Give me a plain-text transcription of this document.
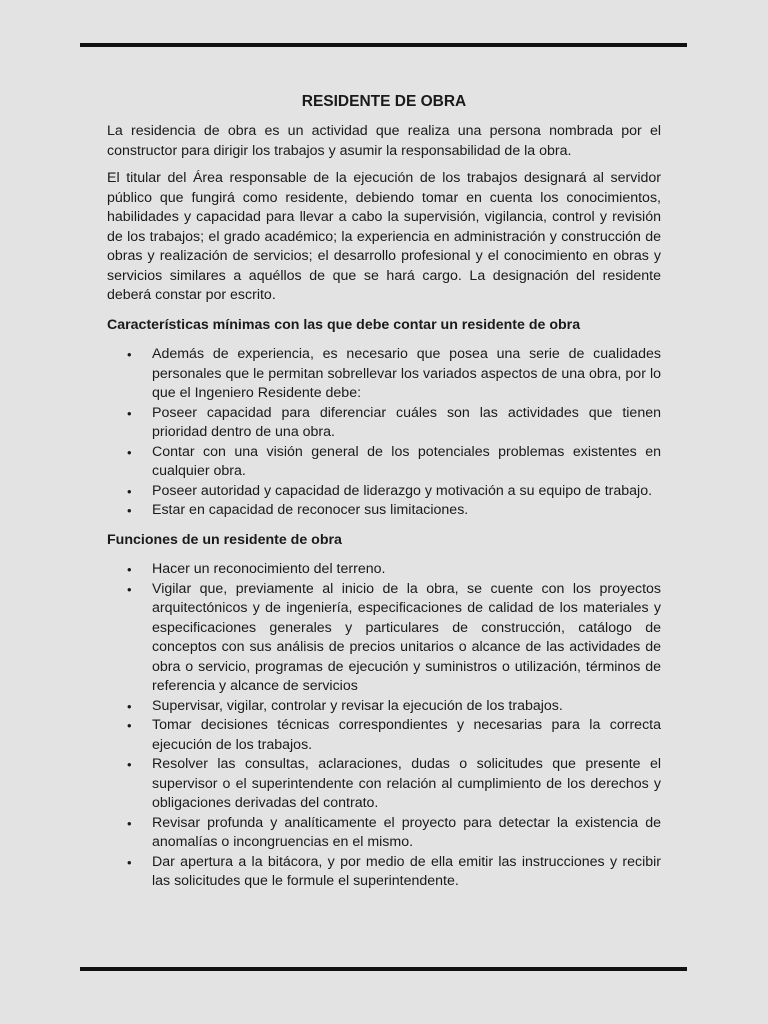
RESIDENTE DE OBRA

La residencia de obra es un actividad que realiza una persona nombrada por el constructor para dirigir los trabajos y asumir la responsabilidad de la obra.

El titular del Área responsable de la ejecución de los trabajos designará al servidor público que fungirá como residente, debiendo tomar en cuenta los conocimientos, habilidades y capacidad para llevar a cabo la supervisión, vigilancia, control y revisión de los trabajos; el grado académico; la experiencia en administración y construcción de obras y realización de servicios; el desarrollo profesional y el conocimiento en obras y servicios similares a aquéllos de que se hará cargo. La designación del residente deberá constar por escrito.

Características mínimas con las que debe contar un residente de obra
• Además de experiencia, es necesario que posea una serie de cualidades personales que le permitan sobrellevar los variados aspectos de una obra, por lo que el Ingeniero Residente debe:
• Poseer capacidad para diferenciar cuáles son las actividades que tienen prioridad dentro de una obra.
• Contar con una visión general de los potenciales problemas existentes en cualquier obra.
• Poseer autoridad y capacidad de liderazgo y motivación a su equipo de trabajo.
• Estar en capacidad de reconocer sus limitaciones.
Funciones de un residente de obra
• Hacer un reconocimiento del terreno.
• Vigilar que, previamente al inicio de la obra, se cuente con los proyectos arquitectónicos y de ingeniería, especificaciones de calidad de los materiales y especificaciones generales y particulares de construcción, catálogo de conceptos con sus análisis de precios unitarios o alcance de las actividades de obra o servicio, programas de ejecución y suministros o utilización, términos de referencia y alcance de servicios
• Supervisar, vigilar, controlar y revisar la ejecución de los trabajos.
• Tomar decisiones técnicas correspondientes y necesarias para la correcta ejecución de los trabajos.
• Resolver las consultas, aclaraciones, dudas o solicitudes que presente el supervisor o el superintendente con relación al cumplimiento de los derechos y obligaciones derivadas del contrato.
• Revisar profunda y analíticamente el proyecto para detectar la existencia de anomalías o incongruencias en el mismo.
• Dar apertura a la bitácora, y por medio de ella emitir las instrucciones y recibir las solicitudes que le formule el superintendente.
